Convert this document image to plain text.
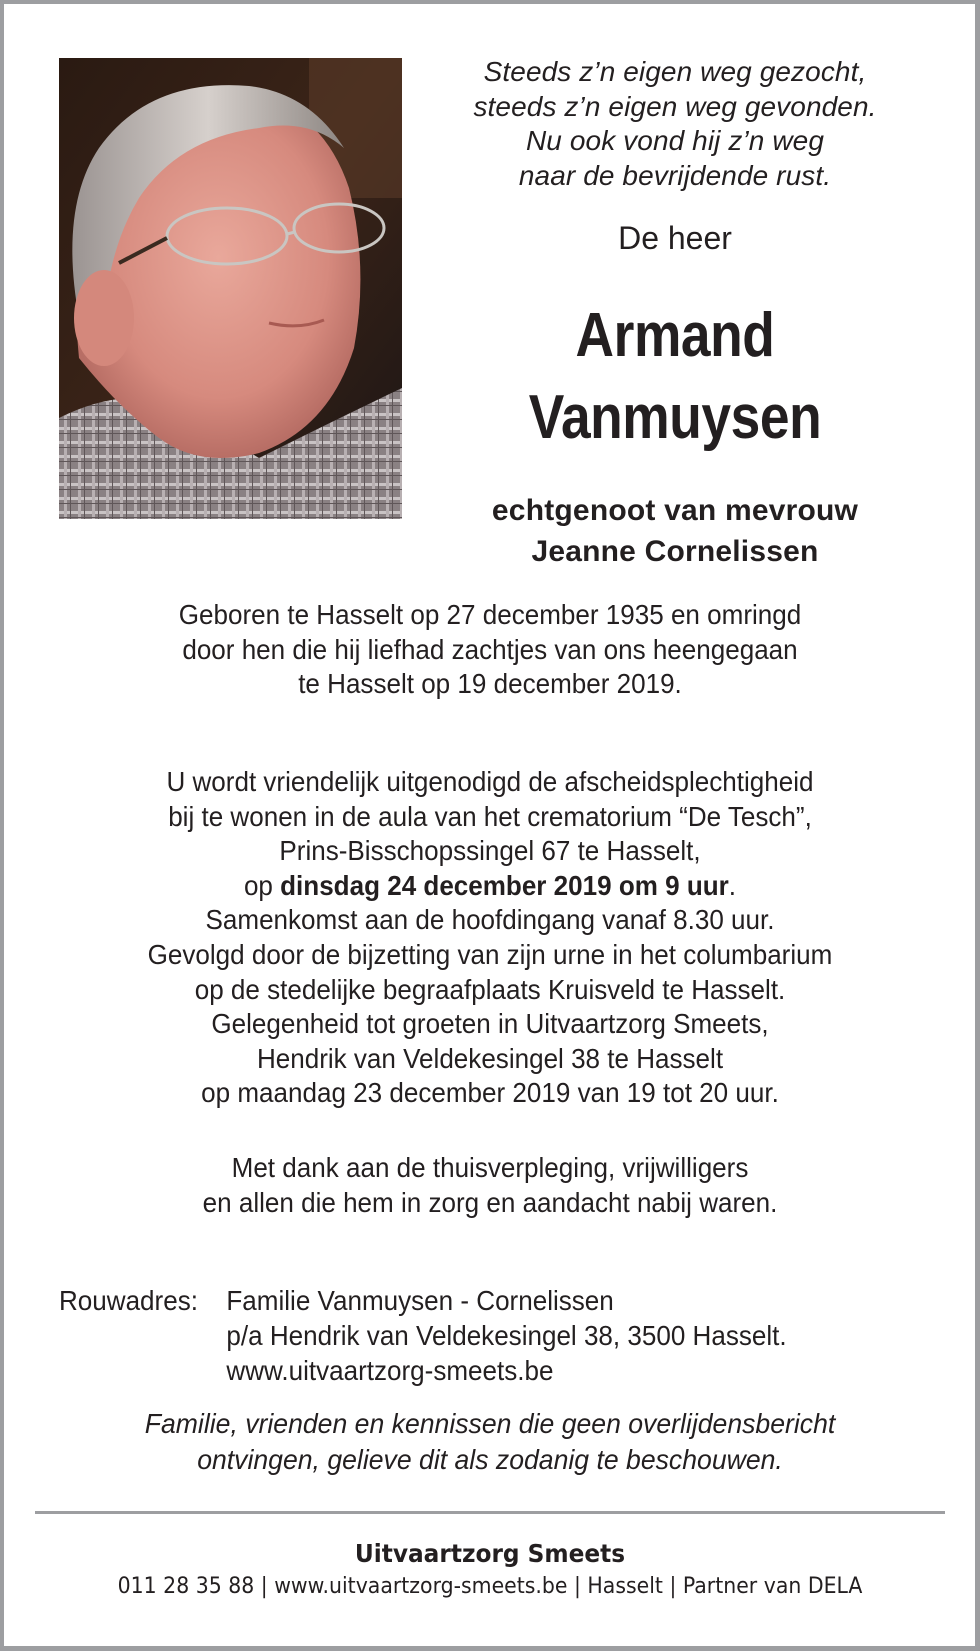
Steeds z’n eigen weg gezocht,
steeds z’n eigen weg gevonden.
Nu ook vond hij z’n weg
naar de bevrijdende rust.
De heer
Armand
Vanmuysen
echtgenoot van mevrouw
Jeanne Cornelissen
Geboren te Hasselt op 27 december 1935 en omringd
door hen die hij liefhad zachtjes van ons heengegaan
te Hasselt op 19 december 2019.
U wordt vriendelijk uitgenodigd de afscheidsplechtigheid
bij te wonen in de aula van het crematorium “De Tesch”,
Prins-Bisschopssingel 67 te Hasselt,
op dinsdag 24 december 2019 om 9 uur.
Samenkomst aan de hoofdingang vanaf 8.30 uur.
Gevolgd door de bijzetting van zijn urne in het columbarium
op de stedelijke begraafplaats Kruisveld te Hasselt.
Gelegenheid tot groeten in Uitvaartzorg Smeets,
Hendrik van Veldekesingel 38 te Hasselt
op maandag 23 december 2019 van 19 tot 20 uur.
Met dank aan de thuisverpleging, vrijwilligers
en allen die hem in zorg en aandacht nabij waren.
Rouwadres:	Familie Vanmuysen - Cornelissen
p/a Hendrik van Veldekesingel 38, 3500 Hasselt.
www.uitvaartzorg-smeets.be
Familie, vrienden en kennissen die geen overlijdensbericht
ontvingen, gelieve dit als zodanig te beschouwen.
Uitvaartzorg Smeets
011 28 35 88 | www.uitvaartzorg-smeets.be | Hasselt | Partner van DELA
